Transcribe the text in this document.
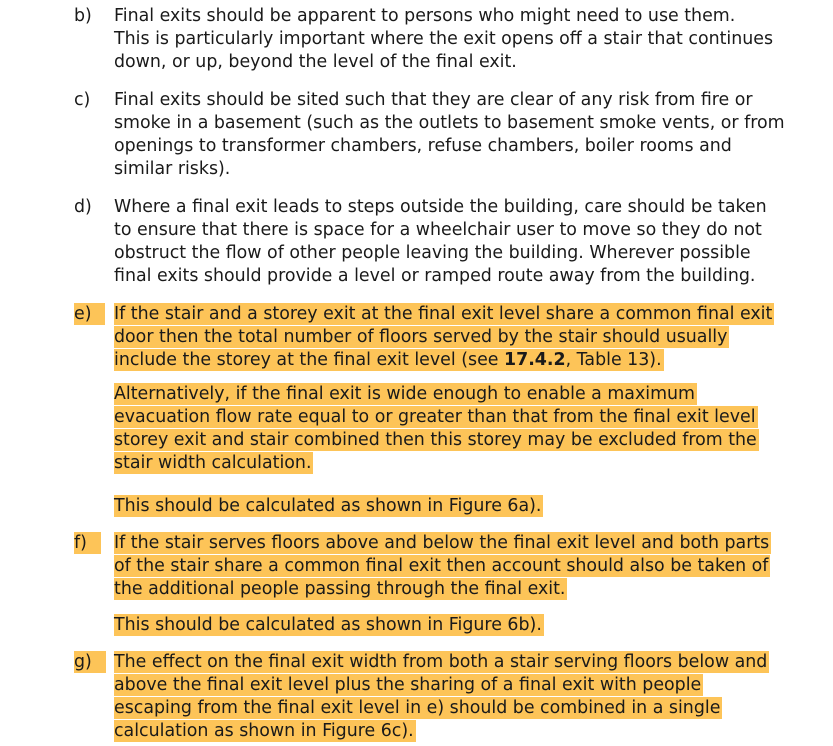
b) Final exits should be apparent to persons who might need to use them.
This is particularly important where the exit opens off a stair that continues
down, or up, beyond the level of the final exit.
c) Final exits should be sited such that they are clear of any risk from fire or
smoke in a basement (such as the outlets to basement smoke vents, or from
openings to transformer chambers, refuse chambers, boiler rooms and
similar risks).
d) Where a final exit leads to steps outside the building, care should be taken
to ensure that there is space for a wheelchair user to move so they do not
obstruct the flow of other people leaving the building. Wherever possible
final exits should provide a level or ramped route away from the building.
e)	If the stair and a storey exit at the final exit level share a common final exit
door then the total number of floors served by the stair should usually
include the storey at the final exit level (see 17.4.2, Table 13).
Alternatively, if the final exit is wide enough to enable a maximum
evacuation flow rate equal to or greater than that from the final exit level
storey exit and stair combined then this storey may be excluded from the
stair width calculation.
This should be calculated as shown in Figure 6a).
f)	If the stair serves floors above and below the final exit level and both parts
of the stair share a common final exit then account should also be taken of
the additional people passing through the final exit.
This should be calculated as shown in Figure 6b).
g)	The effect on the final exit width from both a stair serving floors below and
above the final exit level plus the sharing of a final exit with people
escaping from the final exit level in e) should be combined in a single
calculation as shown in Figure 6c).
